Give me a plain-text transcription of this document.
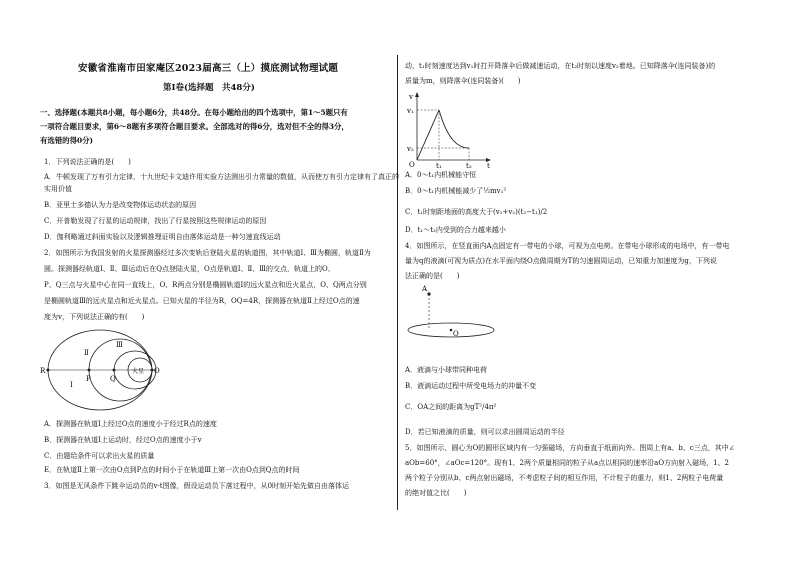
安徽省淮南市田家庵区2023届高三（上）摸底测试物理试题
第Ⅰ卷(选择题　共48分)
一、选择题(本题共8小题，每小题6分，共48分。在每小题给出的四个选项中，第1～5题只有
一项符合题目要求，第6～8题有多项符合题目要求。全部选对的得6分，选对但不全的得3分，
有选错的得0分)
1．下列说法正确的是(　　)
A．牛顿发现了万有引力定律，十九世纪卡文迪许用实验方法测出引力常量的数值，从而使万有引力定律有了真正的
实用价值
B．亚里士多德认为力是改变物体运动状态的原因
C．开普勒发现了行星的运动规律，找出了行星按照这些规律运动的原因
D．伽利略通过斜面实验以及逻辑推理证明自由落体运动是一种匀速直线运动
2．如图所示为我国发射的火星探测器经过多次变轨后登陆火星的轨道图，其中轨道Ⅰ、Ⅲ为椭圆，轨道Ⅱ为
圆。探测器经轨道Ⅰ、Ⅱ、Ⅲ运动后在Q点登陆火星，O点是轨道Ⅰ、Ⅱ、Ⅲ的交点，轨道上的O、
P、Q三点与火星中心在同一直线上，O、R两点分别是椭圆轨道Ⅰ的远火星点和近火星点，O、Q两点分别
是椭圆轨道Ⅲ的远火星点和近火星点。已知火星的半径为R，OQ=4R，探测器在轨道Ⅱ上经过O点的速
度为v，下列说法正确的有(　　)
R
Ⅱ
Ⅲ
Ⅰ
P	Q
O
火星
A．探测器在轨道Ⅰ上经过O点的速度小于经过R点的速度
B．探测器在轨道Ⅰ上运动时，经过O点的速度小于v
C．由题给条件可以求出火星的质量
E．在轨道Ⅱ上第一次由O点到P点的时间小于在轨道Ⅲ上第一次由O点到Q点的时间
3．如图是无风条件下跳伞运动员的v-t图像，假设运动员下落过程中，从0时刻开始先做自由落体运
动，t₁时刻速度达到v₁时打开降落伞后做减速运动，在t₂时刻以速度v₂着地。已知降落伞(连同装备)的
质量为m，则降落伞(连同装备)(　　)
v₁
v₂
v
O	t₁	t₂ t
A．0～t₁内机械能守恒
B．0～t₁内机械能减少了½mv₁²
C．t₁时刻距地面的高度大于(v₁+v₂)(t₂−t₁)/2
D．t₁～t₂内受到的合力越来越小
4．如图所示，在竖直面内A点固定有一带电的小球，可视为点电荷。在带电小球形成的电场中，有一带电
量为q的液滴(可视为质点)在水平面内绕O点做周期为T的匀速圆周运动，已知重力加速度为g，下列说
法正确的是(　　)
A
O
A．液滴与小球带同种电荷
B．液滴运动过程中所受电场力的冲量不变
C．OA之间的距离为gT²/4π²
D．若已知液滴的质量，则可以求出圆周运动的半径
5．如图所示，圆心为O的圆形区域内有一匀强磁场，方向垂直于纸面向外。图周上有a、b、c三点，其中∠
aOb=60°，∠aOc=120°。现有1、2两个质量相同的粒子从a点以相同的速率沿aO方向射入磁场，1、2
两个粒子分别从b、c两点射出磁场，不考虑粒子间的相互作用，不计粒子的重力，则1、2两粒子电荷量
的绝对值之比(　　)
